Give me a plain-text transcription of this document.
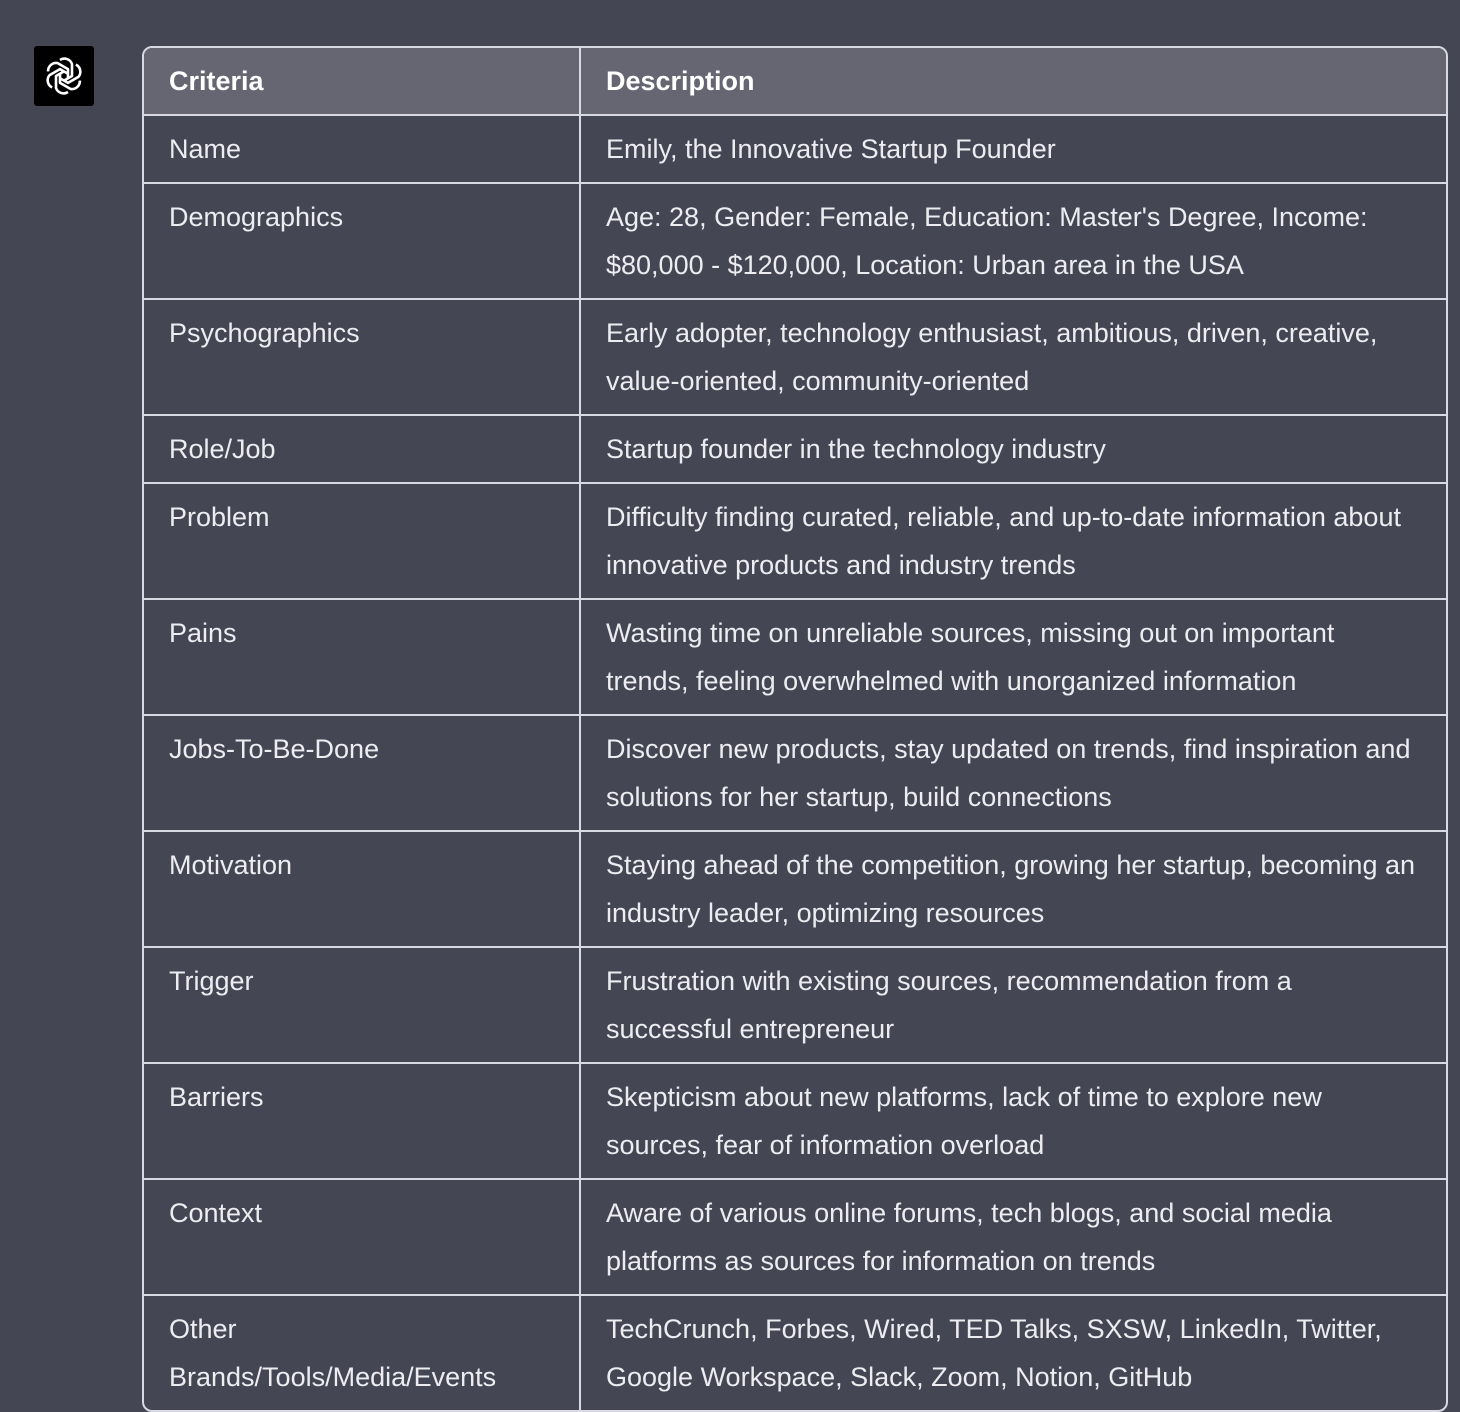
Criteria	Description
Name	Emily, the Innovative Startup Founder
Demographics	Age: 28, Gender: Female, Education: Master's Degree, Income: $80,000 - $120,000, Location: Urban area in the USA
Psychographics	Early adopter, technology enthusiast, ambitious, driven, creative, value-oriented, community-oriented
Role/Job	Startup founder in the technology industry
Problem	Difficulty finding curated, reliable, and up-to-date information about innovative products and industry trends
Pains	Wasting time on unreliable sources, missing out on important trends, feeling overwhelmed with unorganized information
Jobs-To-Be-Done	Discover new products, stay updated on trends, find inspiration and solutions for her startup, build connections
Motivation	Staying ahead of the competition, growing her startup, becoming an industry leader, optimizing resources
Trigger	Frustration with existing sources, recommendation from a successful entrepreneur
Barriers	Skepticism about new platforms, lack of time to explore new sources, fear of information overload
Context	Aware of various online forums, tech blogs, and social media platforms as sources for information on trends
Other Brands/Tools/Media/Events	TechCrunch, Forbes, Wired, TED Talks, SXSW, LinkedIn, Twitter, Google Workspace, Slack, Zoom, Notion, GitHub
